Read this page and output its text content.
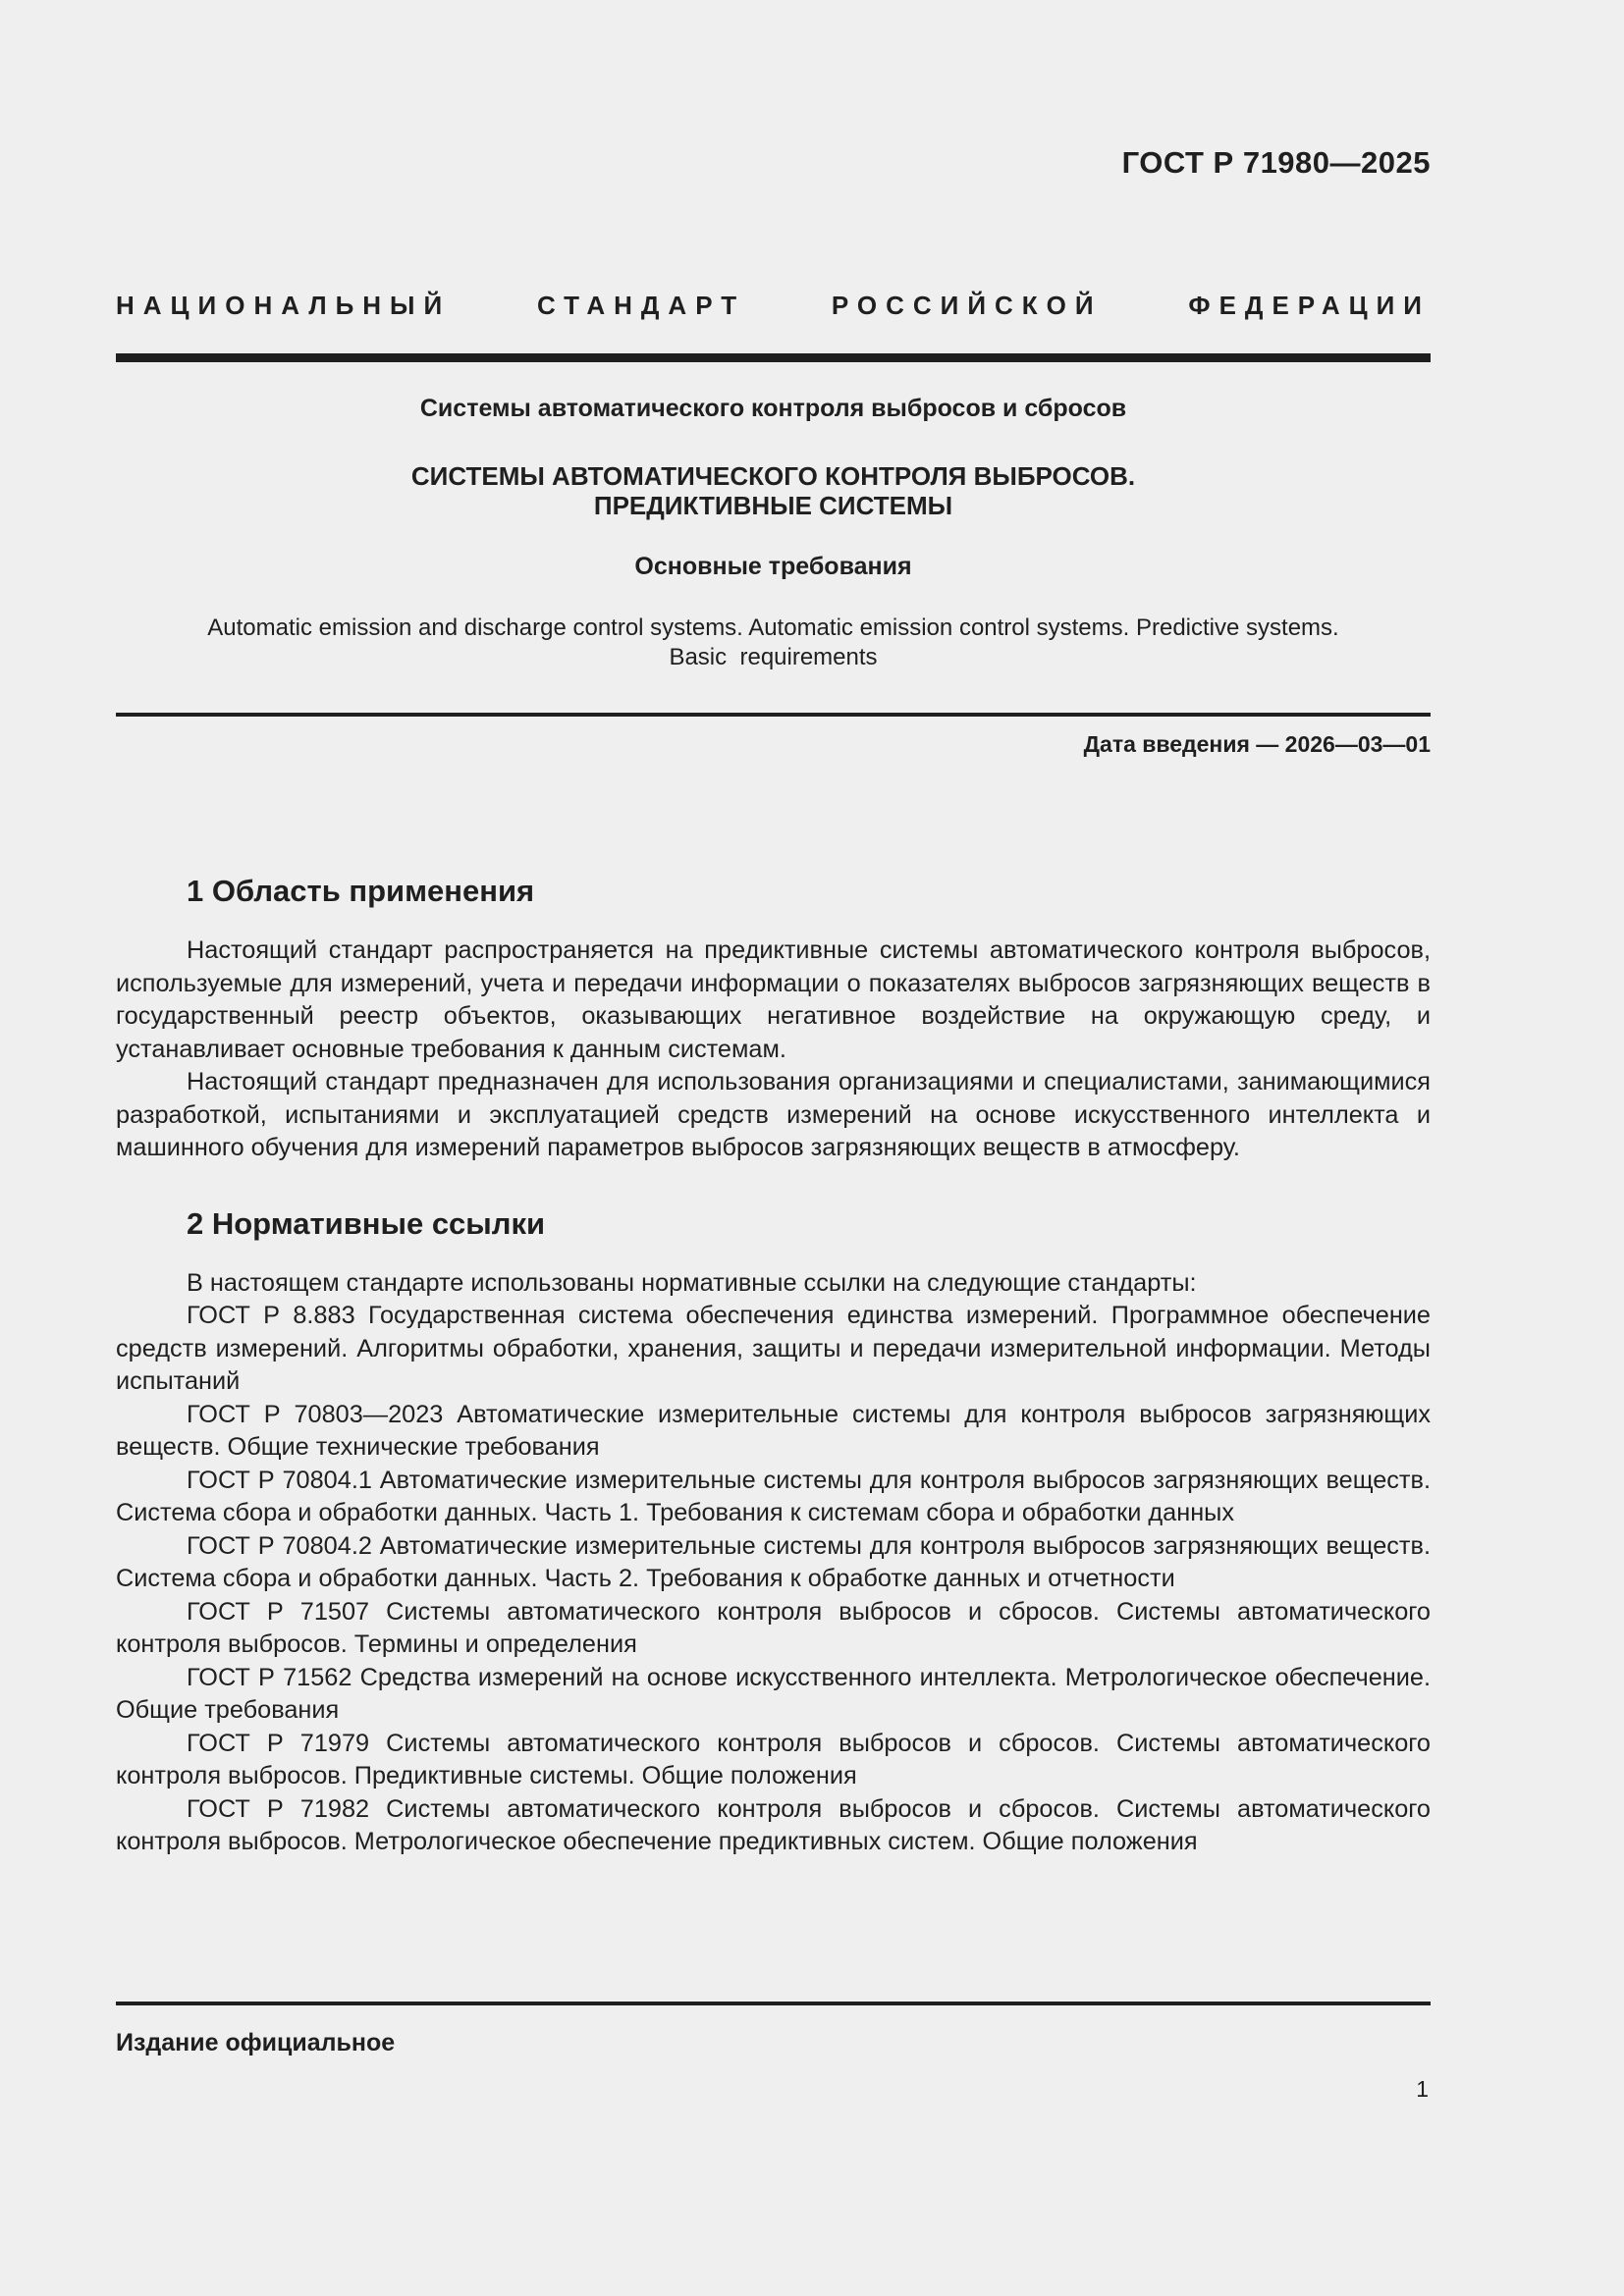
ГОСТ Р 71980—2025
НАЦИОНАЛЬНЫЙ СТАНДАРТ РОССИЙСКОЙ ФЕДЕРАЦИИ
Системы автоматического контроля выбросов и сбросов
СИСТЕМЫ АВТОМАТИЧЕСКОГО КОНТРОЛЯ ВЫБРОСОВ.
ПРЕДИКТИВНЫЕ СИСТЕМЫ
Основные требования
Automatic emission and discharge control systems. Automatic emission control systems. Predictive systems.
Basic  requirements
Дата введения — 2026—03—01
1 Область применения

Настоящий стандарт распространяется на предиктивные системы автоматического контроля выбросов, используемые для измерений, учета и передачи информации о показателях выбросов загрязняющих веществ в государственный реестр объектов, оказывающих негативное воздействие на окружающую среду, и устанавливает основные требования к данным системам.

Настоящий стандарт предназначен для использования организациями и специалистами, занимающимися разработкой, испытаниями и эксплуатацией средств измерений на основе искусственного интеллекта и машинного обучения для измерений параметров выбросов загрязняющих веществ в атмосферу.

2 Нормативные ссылки

В настоящем стандарте использованы нормативные ссылки на следующие стандарты:

ГОСТ Р 8.883 Государственная система обеспечения единства измерений. Программное обеспечение средств измерений. Алгоритмы обработки, хранения, защиты и передачи измерительной информации. Методы испытаний

ГОСТ Р 70803—2023 Автоматические измерительные системы для контроля выбросов загрязняющих веществ. Общие технические требования

ГОСТ Р 70804.1 Автоматические измерительные системы для контроля выбросов загрязняющих веществ. Система сбора и обработки данных. Часть 1. Требования к системам сбора и обработки данных

ГОСТ Р 70804.2 Автоматические измерительные системы для контроля выбросов загрязняющих веществ. Система сбора и обработки данных. Часть 2. Требования к обработке данных и отчетности

ГОСТ Р 71507 Системы автоматического контроля выбросов и сбросов. Системы автоматического контроля выбросов. Термины и определения

ГОСТ Р 71562 Средства измерений на основе искусственного интеллекта. Метрологическое обеспечение. Общие требования

ГОСТ Р 71979 Системы автоматического контроля выбросов и сбросов. Системы автоматического контроля выбросов. Предиктивные системы. Общие положения

ГОСТ Р 71982 Системы автоматического контроля выбросов и сбросов. Системы автоматического контроля выбросов. Метрологическое обеспечение предиктивных систем. Общие положения

Издание официальное
1
